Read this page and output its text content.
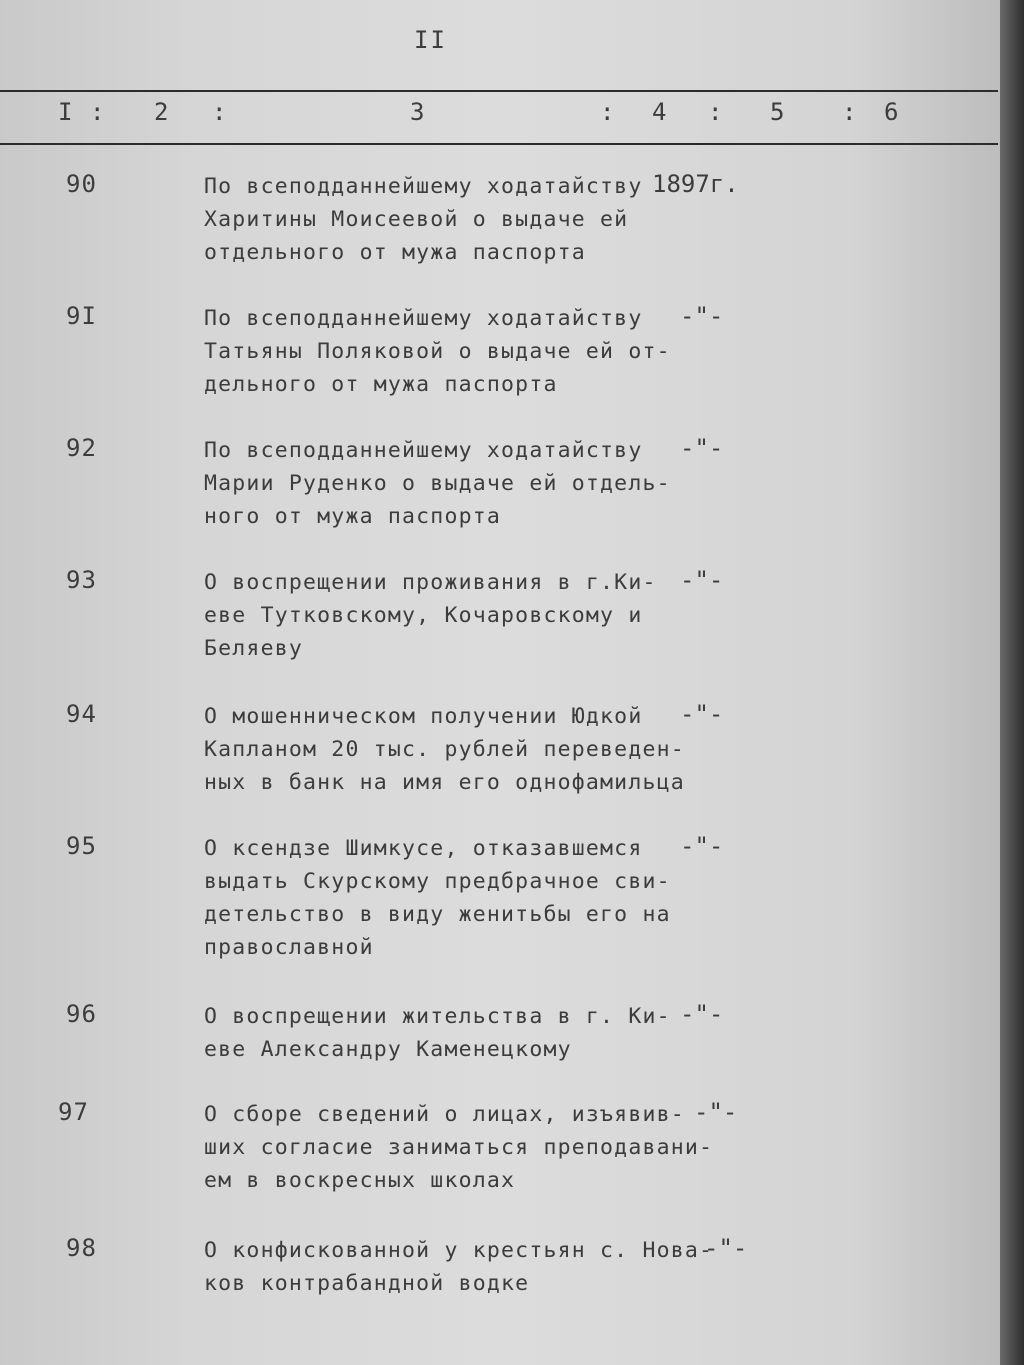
II
I : 2 :	3	: 4 : 5 : 6
90	По всеподданнейшему ходатайству
Харитины Моисеевой о выдаче ей
отдельного от мужа паспорта
1897г.
9I	По всеподданнейшему ходатайству
Татьяны Поляковой о выдаче ей от-
дельного от мужа паспорта
-"-
92	По всеподданнейшему ходатайству
Марии Руденко о выдаче ей отдель-
ного от мужа паспорта
-"-
93	О воспрещении проживания в г.Ки-
еве Тутковскому, Кочаровскому и
Беляеву
-"-
94	О мошенническом получении Юдкой
Капланом 20 тыс. рублей переведен-
ных в банк на имя его однофамильца
-"-
95	О ксендзе Шимкусе, отказавшемся
выдать Скурскому предбрачное сви-
детельство в виду женитьбы его на
православной
-"-
96	О воспрещении жительства в г. Ки-
еве Александру Каменецкому
-"-
97	О сборе сведений о лицах, изъявив-
ших согласие заниматься преподавани-
ем в воскресных школах
-"-
98	О конфискованной у крестьян с. Нова-
ков контрабандной водке
-"-
